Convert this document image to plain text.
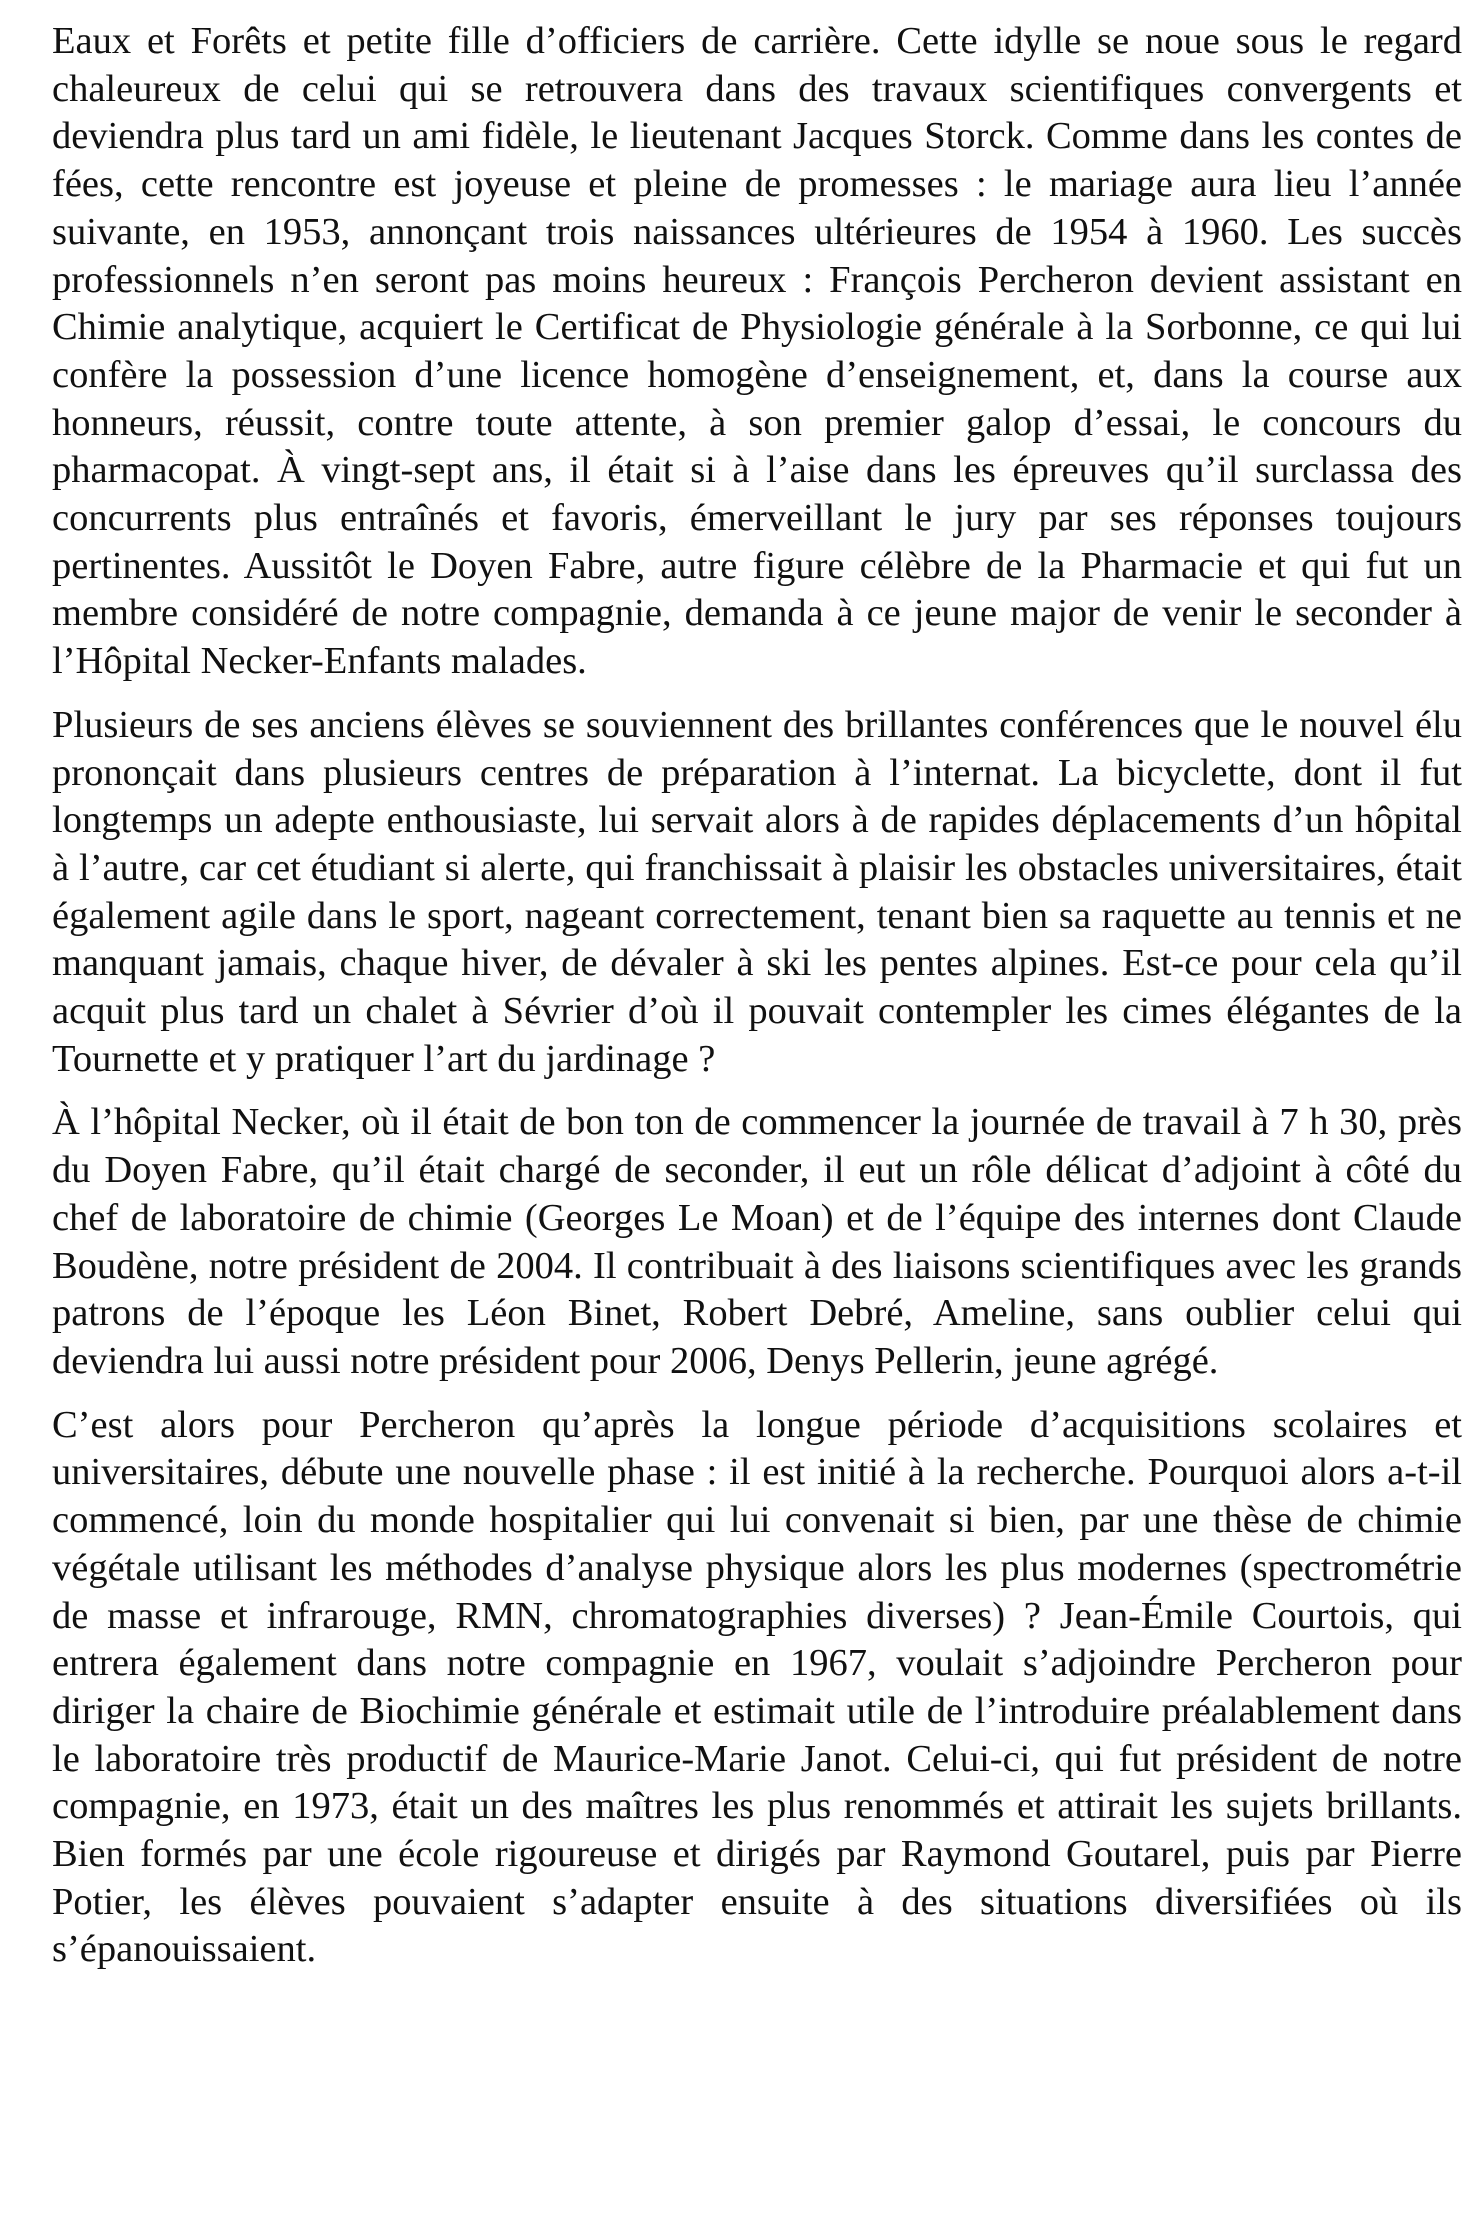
Eaux et Forêts et petite fille d’officiers de carrière. Cette idylle se noue sous le regard chaleureux de celui qui se retrouvera dans des travaux scientifiques convergents et deviendra plus tard un ami fidèle, le lieutenant Jacques Storck. Comme dans les contes de fées, cette rencontre est joyeuse et pleine de promesses : le mariage aura lieu l’année suivante, en 1953, annonçant trois naissances ultérieures de 1954 à 1960. Les succès professionnels n’en seront pas moins heureux : François Percheron devient assistant en Chimie analytique, acquiert le Certificat de Physiologie générale à la Sorbonne, ce qui lui confère la possession d’une licence homogène d’enseignement, et, dans la course aux honneurs, réussit, contre toute attente, à son premier galop d’essai, le concours du pharmacopat. À vingt-sept ans, il était si à l’aise dans les épreuves qu’il surclassa des concurrents plus entraînés et favoris, émerveillant le jury par ses réponses toujours pertinentes. Aussitôt le Doyen Fabre, autre figure célèbre de la Pharmacie et qui fut un membre considéré de notre compagnie, demanda à ce jeune major de venir le seconder à l’Hôpital Necker-Enfants malades.

Plusieurs de ses anciens élèves se souviennent des brillantes conférences que le nouvel élu prononçait dans plusieurs centres de préparation à l’internat. La bicyclette, dont il fut longtemps un adepte enthousiaste, lui servait alors à de rapides déplacements d’un hôpital à l’autre, car cet étudiant si alerte, qui franchissait à plaisir les obstacles universitaires, était également agile dans le sport, nageant correctement, tenant bien sa raquette au tennis et ne manquant jamais, chaque hiver, de dévaler à ski les pentes alpines. Est-ce pour cela qu’il acquit plus tard un chalet à Sévrier d’où il pouvait contempler les cimes élégantes de la Tournette et y pratiquer l’art du jardinage ?

À l’hôpital Necker, où il était de bon ton de commencer la journée de travail à 7 h 30, près du Doyen Fabre, qu’il était chargé de seconder, il eut un rôle délicat d’adjoint à côté du chef de laboratoire de chimie (Georges Le Moan) et de l’équipe des internes dont Claude Boudène, notre président de 2004. Il contribuait à des liaisons scientifiques avec les grands patrons de l’époque les Léon Binet, Robert Debré, Ameline, sans oublier celui qui deviendra lui aussi notre président pour 2006, Denys Pellerin, jeune agrégé.

C’est alors pour Percheron qu’après la longue période d’acquisitions scolaires et universitaires, débute une nouvelle phase : il est initié à la recherche. Pourquoi alors a-t-il commencé, loin du monde hospitalier qui lui convenait si bien, par une thèse de chimie végétale utilisant les méthodes d’analyse physique alors les plus modernes (spectrométrie de masse et infrarouge, RMN, chromatographies diverses) ? Jean-Émile Courtois, qui entrera également dans notre compagnie en 1967, voulait s’adjoindre Percheron pour diriger la chaire de Biochimie générale et estimait utile de l’introduire préalablement dans le laboratoire très productif de Maurice-Marie Janot. Celui-ci, qui fut président de notre compagnie, en 1973, était un des maîtres les plus renommés et attirait les sujets brillants. Bien formés par une école rigoureuse et dirigés par Raymond Goutarel, puis par Pierre Potier, les élèves pouvaient s’adapter ensuite à des situations diversifiées où ils s’épanouissaient.
